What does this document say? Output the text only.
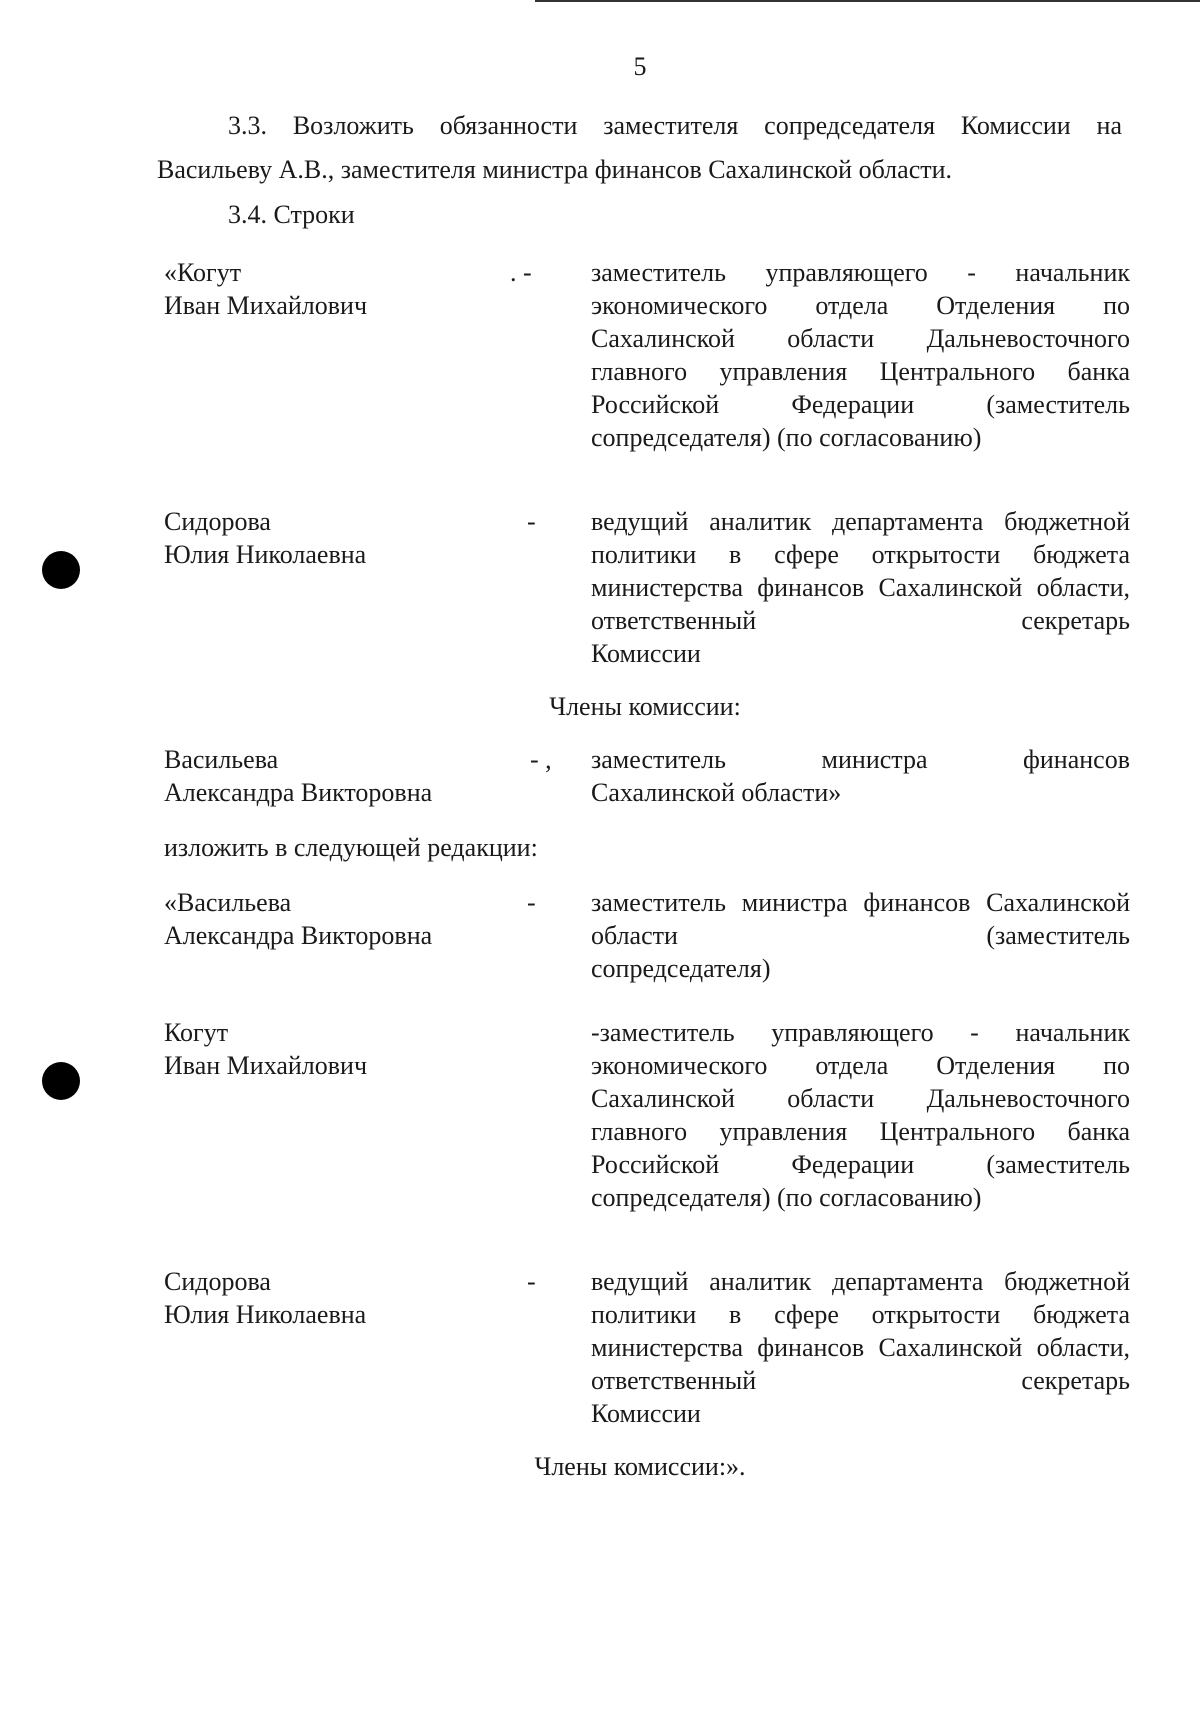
5
3.3. Возложить обязанности заместителя сопредседателя Комиссии на
Васильеву А.В., заместителя министра финансов Сахалинской области.
3.4. Строки
«Когут
Иван Михайлович
. - заместитель управляющего - начальник экономического отдела Отделения по Сахалинской области Дальневосточного главного управления Центрального банка Российской Федерации (заместитель
сопредседателя) (по согласованию)
Сидорова
Юлия Николаевна
- ведущий аналитик департамента бюджетной политики в сфере открытости бюджета министерства финансов Сахалинской области, ответственный секретарь
Комиссии
Члены комиссии:
Васильева
Александра Викторовна
- , заместитель министра финансов
Сахалинской области»
изложить в следующей редакции:
«Васильева
Александра Викторовна
- заместитель министра финансов Сахалинской области (заместитель
сопредседателя)
Когут
Иван Михайлович
-заместитель управляющего - начальник экономического отдела Отделения по Сахалинской области Дальневосточного главного управления Центрального банка Российской Федерации (заместитель
сопредседателя) (по согласованию)
Сидорова
Юлия Николаевна
- ведущий аналитик департамента бюджетной политики в сфере открытости бюджета министерства финансов Сахалинской области, ответственный секретарь
Комиссии
Члены комиссии:».
